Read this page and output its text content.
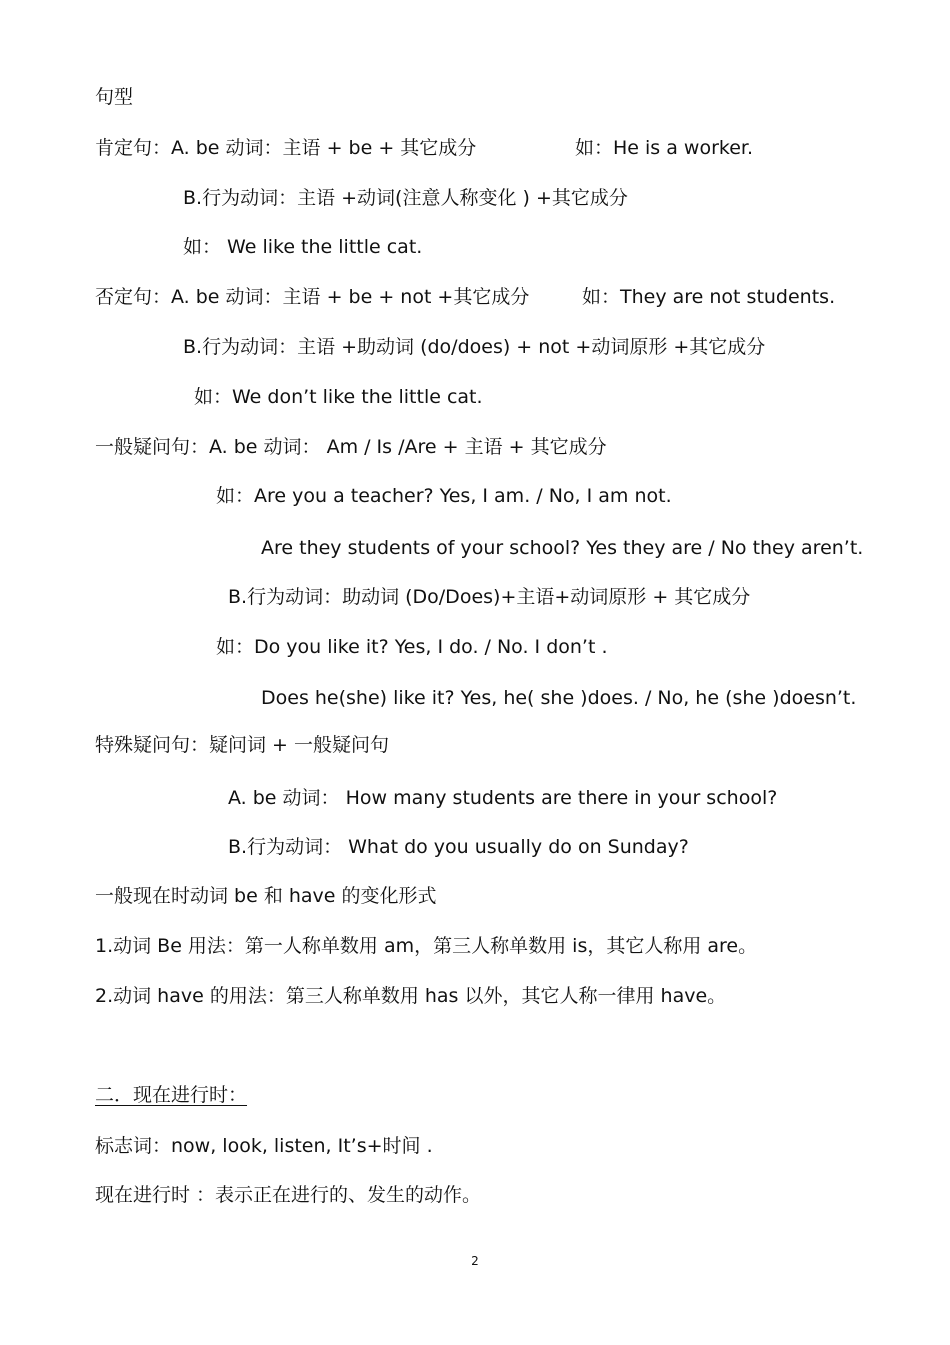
句型

肯定句：A. be 动词：主语 + be + 其它成分	如：He is a worker.

B.行为动词：主语 +动词(注意人称变化 ) +其它成分

如： We like the little cat.

否定句：A. be 动词：主语 + be + not +其它成分	如：They are not students.

B.行为动词：主语 +助动词 (do/does) + not +动词原形 +其它成分

如：We don’t like the little cat.

一般疑问句：A. be 动词： Am / Is /Are + 主语 + 其它成分

如：Are you a teacher? Yes, I am. / No, I am not.

Are they students of your school? Yes they are / No they aren’t.

B.行为动词：助动词 (Do/Does)+主语+动词原形 + 其它成分

如：Do you like it? Yes, I do. / No. I don’t .

Does he(she) like it? Yes, he( she )does. / No, he (she )doesn’t.

特殊疑问句：疑问词 + 一般疑问句

A. be 动词： How many students are there in your school?

B.行为动词： What do you usually do on Sunday?

一般现在时动词 be 和 have 的变化形式

1.动词 Be 用法：第一人称单数用 am，第三人称单数用 is，其它人称用 are。

2.动词 have 的用法：第三人称单数用 has 以外，其它人称一律用 have。

二．现在进行时：

标志词：now, look, listen, It’s+时间 .

现在进行时 ：表示正在进行的、发生的动作。

2
